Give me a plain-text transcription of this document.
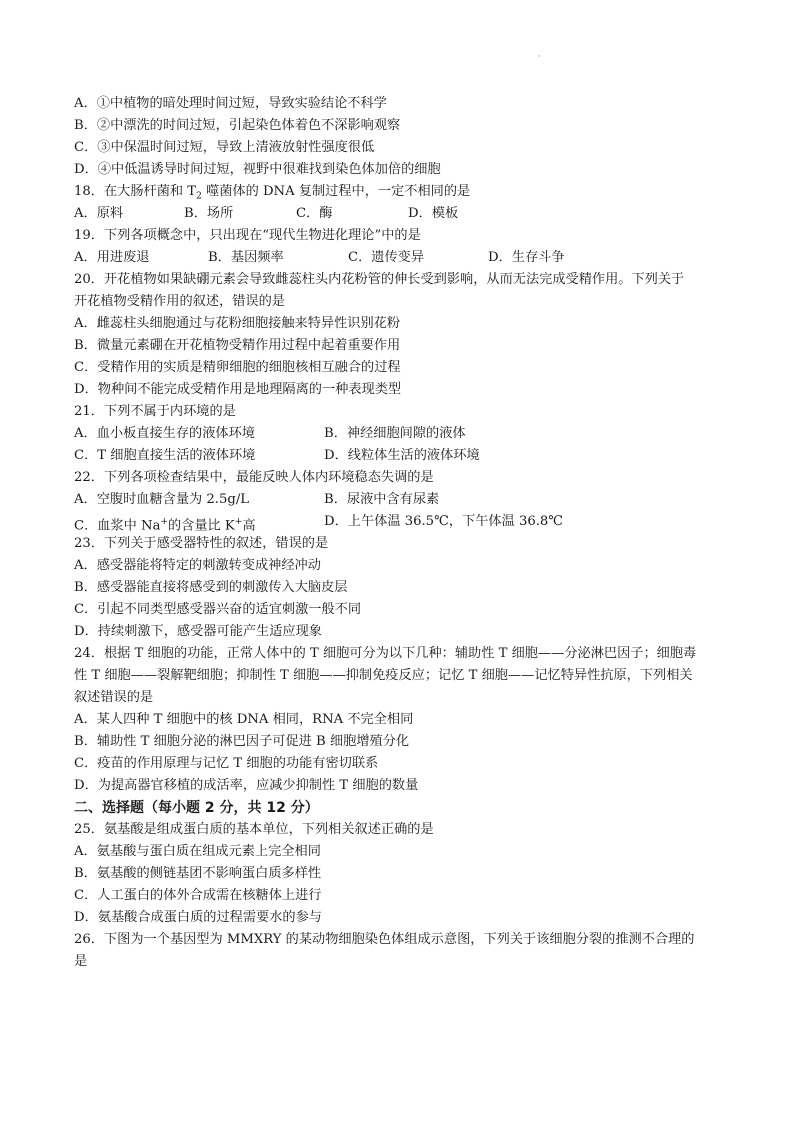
·
A．①中植物的暗处理时间过短，导致实验结论不科学
B．②中漂洗的时间过短，引起染色体着色不深影响观察
C．③中保温时间过短，导致上清液放射性强度很低
D．④中低温诱导时间过短，视野中很难找到染色体加倍的细胞
18．在大肠杆菌和 $T_2$ 噬菌体的 DNA 复制过程中，一定不相同的是
A．原料	B．场所	C．酶	D．模板
19．下列各项概念中，只出现在“现代生物进化理论”中的是
A．用进废退	B．基因频率	C．遗传变异	D．生存斗争
20．开花植物如果缺硼元素会导致雌蕊柱头内花粉管的伸长受到影响，从而无法完成受精作用。下列关于
开花植物受精作用的叙述，错误的是
A．雌蕊柱头细胞通过与花粉细胞接触来特异性识别花粉
B．微量元素硼在开花植物受精作用过程中起着重要作用
C．受精作用的实质是精卵细胞的细胞核相互融合的过程
D．物种间不能完成受精作用是地理隔离的一种表现类型
21．下列不属于内环境的是
A．血小板直接生存的液体环境	B．神经细胞间隙的液体
C．T 细胞直接生活的液体环境	D．线粒体生活的液体环境
22．下列各项检查结果中，最能反映人体内环境稳态失调的是
A．空腹时血糖含量为 2.5g/L	B．尿液中含有尿素
C．血浆中 Na+的含量比 K+高	D．上午体温 36.5℃，下午体温 36.8℃
23．下列关于感受器特性的叙述，错误的是
A．感受器能将特定的刺激转变成神经冲动
B．感受器能直接将感受到的刺激传入大脑皮层
C．引起不同类型感受器兴奋的适宜刺激一般不同
D．持续刺激下，感受器可能产生适应现象
24．根据 T 细胞的功能，正常人体中的 T 细胞可分为以下几种：辅助性 T 细胞——分泌淋巴因子；细胞毒
性 T 细胞——裂解靶细胞；抑制性 T 细胞——抑制免疫反应；记忆 T 细胞——记忆特异性抗原，下列相关
叙述错误的是
A．某人四种 T 细胞中的核 DNA 相同，RNA 不完全相同
B．辅助性 T 细胞分泌的淋巴因子可促进 B 细胞增殖分化
C．疫苗的作用原理与记忆 T 细胞的功能有密切联系
D．为提高器官移植的成活率，应减少抑制性 T 细胞的数量
二、选择题（每小题 2 分，共 12 分）
25．氨基酸是组成蛋白质的基本单位，下列相关叙述正确的是
A．氨基酸与蛋白质在组成元素上完全相同
B．氨基酸的侧链基团不影响蛋白质多样性
C．人工蛋白的体外合成需在核糖体上进行
D．氨基酸合成蛋白质的过程需要水的参与
26．下图为一个基因型为 MMXRY 的某动物细胞染色体组成示意图，下列关于该细胞分裂的推测不合理的
是
